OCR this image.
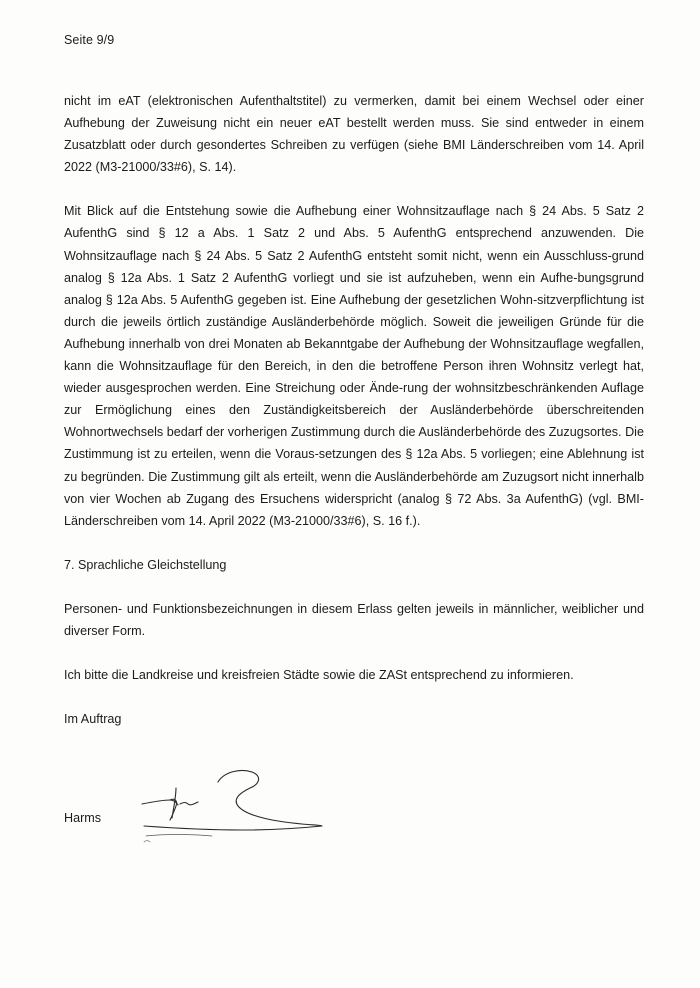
Seite 9/9

nicht im eAT (elektronischen Aufenthaltstitel) zu vermerken, damit bei einem Wechsel oder einer Aufhebung der Zuweisung nicht ein neuer eAT bestellt werden muss. Sie sind entweder in einem Zusatzblatt oder durch gesondertes Schreiben zu verfügen (siehe BMI Länderschreiben vom 14. April 2022 (M3-21000/33#6), S. 14).

Mit Blick auf die Entstehung sowie die Aufhebung einer Wohnsitzauflage nach § 24 Abs. 5 Satz 2 AufenthG sind § 12 a Abs. 1 Satz 2 und Abs. 5 AufenthG entsprechend anzuwenden. Die Wohnsitzauflage nach § 24 Abs. 5 Satz 2 AufenthG entsteht somit nicht, wenn ein Ausschluss-grund analog § 12a Abs. 1 Satz 2 AufenthG vorliegt und sie ist aufzuheben, wenn ein Aufhe-bungsgrund analog § 12a Abs. 5 AufenthG gegeben ist. Eine Aufhebung der gesetzlichen Wohn-sitzverpflichtung ist durch die jeweils örtlich zuständige Ausländerbehörde möglich. Soweit die jeweiligen Gründe für die Aufhebung innerhalb von drei Monaten ab Bekanntgabe der Aufhebung der Wohnsitzauflage wegfallen, kann die Wohnsitzauflage für den Bereich, in den die betroffene Person ihren Wohnsitz verlegt hat, wieder ausgesprochen werden. Eine Streichung oder Ände-rung der wohnsitzbeschränkenden Auflage zur Ermöglichung eines den Zuständigkeitsbereich der Ausländerbehörde überschreitenden Wohnortwechsels bedarf der vorherigen Zustimmung durch die Ausländerbehörde des Zuzugsortes. Die Zustimmung ist zu erteilen, wenn die Voraus-setzungen des § 12a Abs. 5 vorliegen; eine Ablehnung ist zu begründen. Die Zustimmung gilt als erteilt, wenn die Ausländerbehörde am Zuzugsort nicht innerhalb von vier Wochen ab Zugang des Ersuchens widerspricht (analog § 72 Abs. 3a AufenthG) (vgl. BMI-Länderschreiben vom 14. April 2022 (M3-21000/33#6), S. 16 f.).

7. Sprachliche Gleichstellung

Personen- und Funktionsbezeichnungen in diesem Erlass gelten jeweils in männlicher, weiblicher und diverser Form.

Ich bitte die Landkreise und kreisfreien Städte sowie die ZASt entsprechend zu informieren.

Im Auftrag

Harms
